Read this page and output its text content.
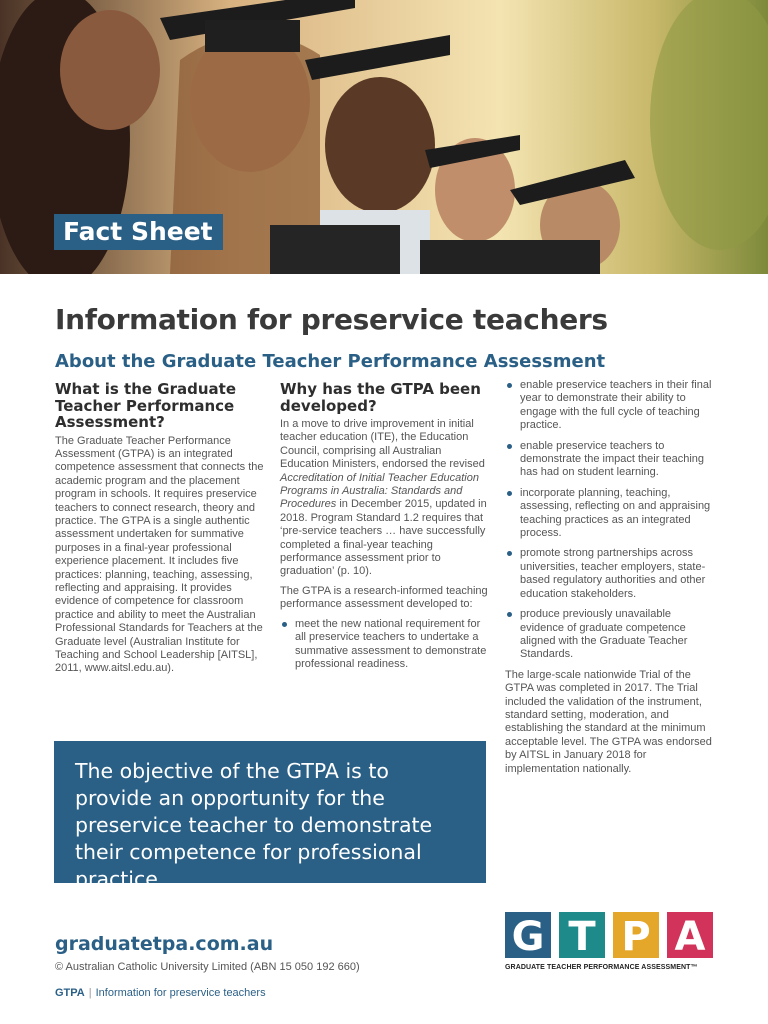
Fact Sheet
Information for preservice teachers
About the Graduate Teacher Performance Assessment
What is the Graduate Teacher Performance Assessment?

The Graduate Teacher Performance Assessment (GTPA) is an integrated competence assessment that connects the academic program and the placement program in schools. It requires preservice teachers to connect research, theory and practice. The GTPA is a single authentic assessment undertaken for summative purposes in a final-year professional experience placement. It includes five practices: planning, teaching, assessing, reflecting and appraising. It provides evidence of competence for classroom practice and ability to meet the Australian Professional Standards for Teachers at the Graduate level (Australian Institute for Teaching and School Leadership [AITSL], 2011, www.aitsl.edu.au).

Why has the GTPA been developed?

In a move to drive improvement in initial teacher education (ITE), the Education Council, comprising all Australian Education Ministers, endorsed the revised Accreditation of Initial Teacher Education Programs in Australia: Standards and Procedures in December 2015, updated in 2018. Program Standard 1.2 requires that ‘pre-service teachers … have successfully completed a final-year teaching performance assessment prior to graduation’ (p. 10).

The GTPA is a research-informed teaching performance assessment developed to:

meet the new national requirement for all preservice teachers to undertake a summative assessment to demonstrate professional readiness.
enable preservice teachers in their final year to demonstrate their ability to engage with the full cycle of teaching practice.
enable preservice teachers to demonstrate the impact their teaching has had on student learning.
incorporate planning, teaching, assessing, reflecting on and appraising teaching practices as an integrated process.
promote strong partnerships across universities, teacher employers, state-based regulatory authorities and other education stakeholders.
produce previously unavailable evidence of graduate competence aligned with the Graduate Teacher Standards.

The large-scale nationwide Trial of the GTPA was completed in 2017. The Trial included the validation of the instrument, standard setting, moderation, and establishing the standard at the minimum acceptable level. The GTPA was endorsed by AITSL in January 2018 for implementation nationally.

The objective of the GTPA is to provide an opportunity for the preservice teacher to demonstrate their competence for professional practice.
graduatetpa.com.au
© Australian Catholic University Limited (ABN 15 050 192 660)
GTPA | Information for preservice teachers
G T P A
GRADUATE TEACHER PERFORMANCE ASSESSMENT™
